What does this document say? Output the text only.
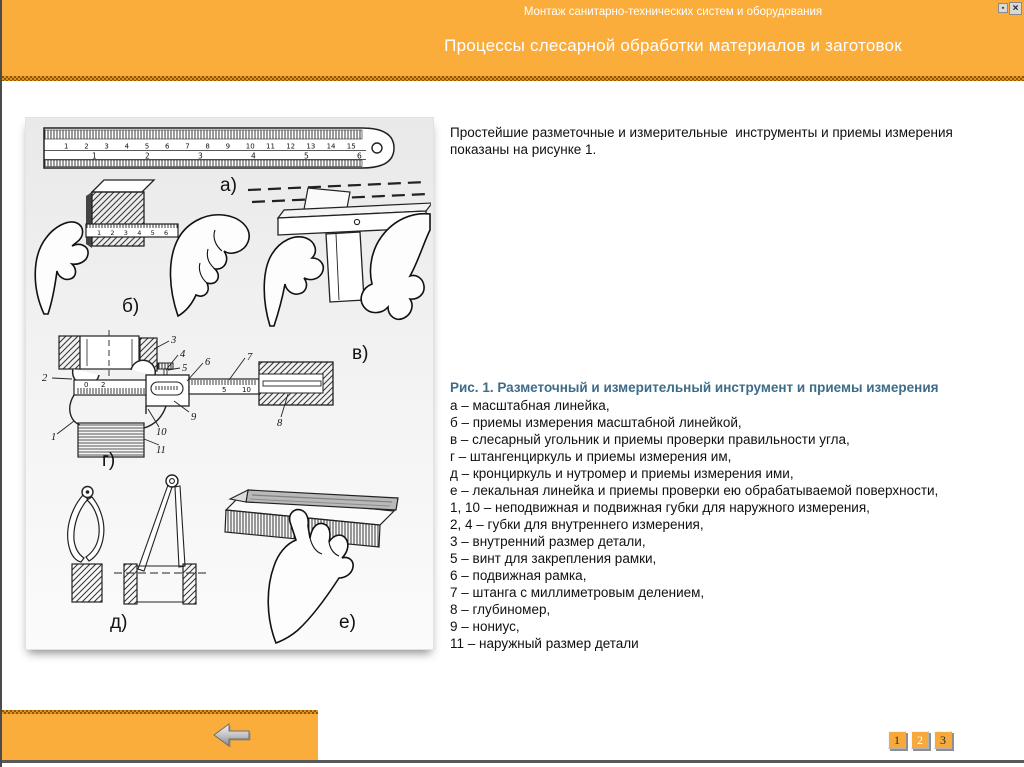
Монтаж санитарно-технических систем и оборудования
Процессы слесарной обработки материалов и заготовок
▪ ×
1 2 3 4 5 6 7 8 9 10 11 12 13 14 15
1	2	3	4	5	6
а)
1 2 3 4 5 6
б)
в)
0 2
5 10
2
1
3
4
5
6	7
8
9
10
11
г)
д)	е)
Простейшие разметочные и измерительные  инструменты и приемы измерения показаны на рисунке 1.
Рис. 1. Разметочный и измерительный инструмент и приемы измерения
а – масштабная линейка,
б – приемы измерения масштабной линейкой,
в – слесарный угольник и приемы проверки правильности угла,
г – штангенциркуль и приемы измерения им,
д – кронциркуль и нутромер и приемы измерения ими,
е – лекальная линейка и приемы проверки ею обрабатываемой поверхности,
1, 10 – неподвижная и подвижная губки для наружного измерения,
2, 4 – губки для внутреннего измерения,
3 – внутренний размер детали,
5 – винт для закрепления рамки,
6 – подвижная рамка,
7 – штанга с миллиметровым делением,
8 – глубиномер,
9 – нониус,
11 – наружный размер детали
1	2	3
